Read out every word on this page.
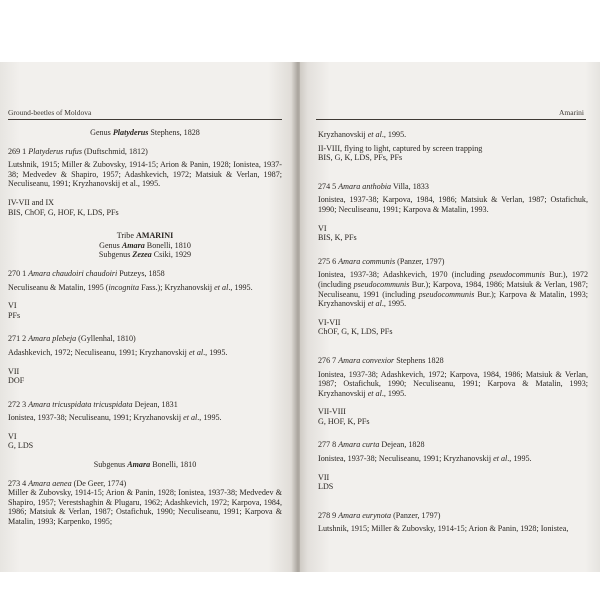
Ground-beetles of Moldova

Genus Platyderus Stephens, 1828

269 1 Platyderus rufus (Duftschmid, 1812)

Lutshnik, 1915; Miller & Zubovsky, 1914-15; Arion & Panin, 1928; Ionistea, 1937-38; Medvedev & Shapiro, 1957; Adashkevich, 1972; Matsiuk & Verlan, 1987; Neculiseanu, 1991; Kryzhanovskij et al., 1995.

IV-VII and IX

BIS, ChOF, G, HOF, K, LDS, PFs

Tribe AMARINI

Genus Amara Bonelli, 1810

Subgenus Zezea Csiki, 1929

270 1 Amara chaudoiri chaudoiri Putzeys, 1858

Neculiseanu & Matalin, 1995 (incognita Fass.); Kryzhanovskij et al., 1995.

VI

PFs

271 2 Amara plebeja (Gyllenhal, 1810)

Adashkevich, 1972; Neculiseanu, 1991; Kryzhanovskij et al., 1995.

VII

DOF

272 3 Amara tricuspidata tricuspidata Dejean, 1831

Ionistea, 1937-38; Neculiseanu, 1991; Kryzhanovskij et al., 1995.

VI

G, LDS

Subgenus Amara Bonelli, 1810

273 4 Amara aenea (De Geer, 1774)

Miller & Zubovsky, 1914-15; Arion & Panin, 1928; Ionistea, 1937-38; Medvedev & Shapiro, 1957; Verestshaghin & Plugaru, 1962; Adashkevich, 1972; Karpova, 1984, 1986; Matsiuk & Verlan, 1987; Ostafichuk, 1990; Neculiseanu, 1991; Karpova & Matalin, 1993; Karpenko, 1995;

Amarini

Kryzhanovskij et al., 1995.

II-VIII, flying to light, captured by screen trapping

BIS, G, K, LDS, PFs, PFs

274 5 Amara anthobia Villa, 1833

Ionistea, 1937-38; Karpova, 1984, 1986; Matsiuk & Verlan, 1987; Ostafichuk, 1990; Neculiseanu, 1991; Karpova & Matalin, 1993.

VI

BIS, K, PFs

275 6 Amara communis (Panzer, 1797)

Ionistea, 1937-38; Adashkevich, 1970 (including pseudocommunis Bur.), 1972 (including pseudocommunis Bur.); Karpova, 1984, 1986; Matsiuk & Verlan, 1987; Neculiseanu, 1991 (including pseudocommunis Bur.); Karpova & Matalin, 1993; Kryzhanovskij et al., 1995.

VI-VII

ChOF, G, K, LDS, PFs

276 7 Amara convexior Stephens 1828

Ionistea, 1937-38; Adashkevich, 1972; Karpova, 1984, 1986; Matsiuk & Verlan, 1987; Ostafichuk, 1990; Neculiseanu, 1991; Karpova & Matalin, 1993; Kryzhanovskij et al., 1995.

VII-VIII

G, HOF, K, PFs

277 8 Amara curta Dejean, 1828

Ionistea, 1937-38; Neculiseanu, 1991; Kryzhanovskij et al., 1995.

VII

LDS

278 9 Amara eurynota (Panzer, 1797)

Lutshnik, 1915; Miller & Zubovsky, 1914-15; Arion & Panin, 1928; Ionistea,
